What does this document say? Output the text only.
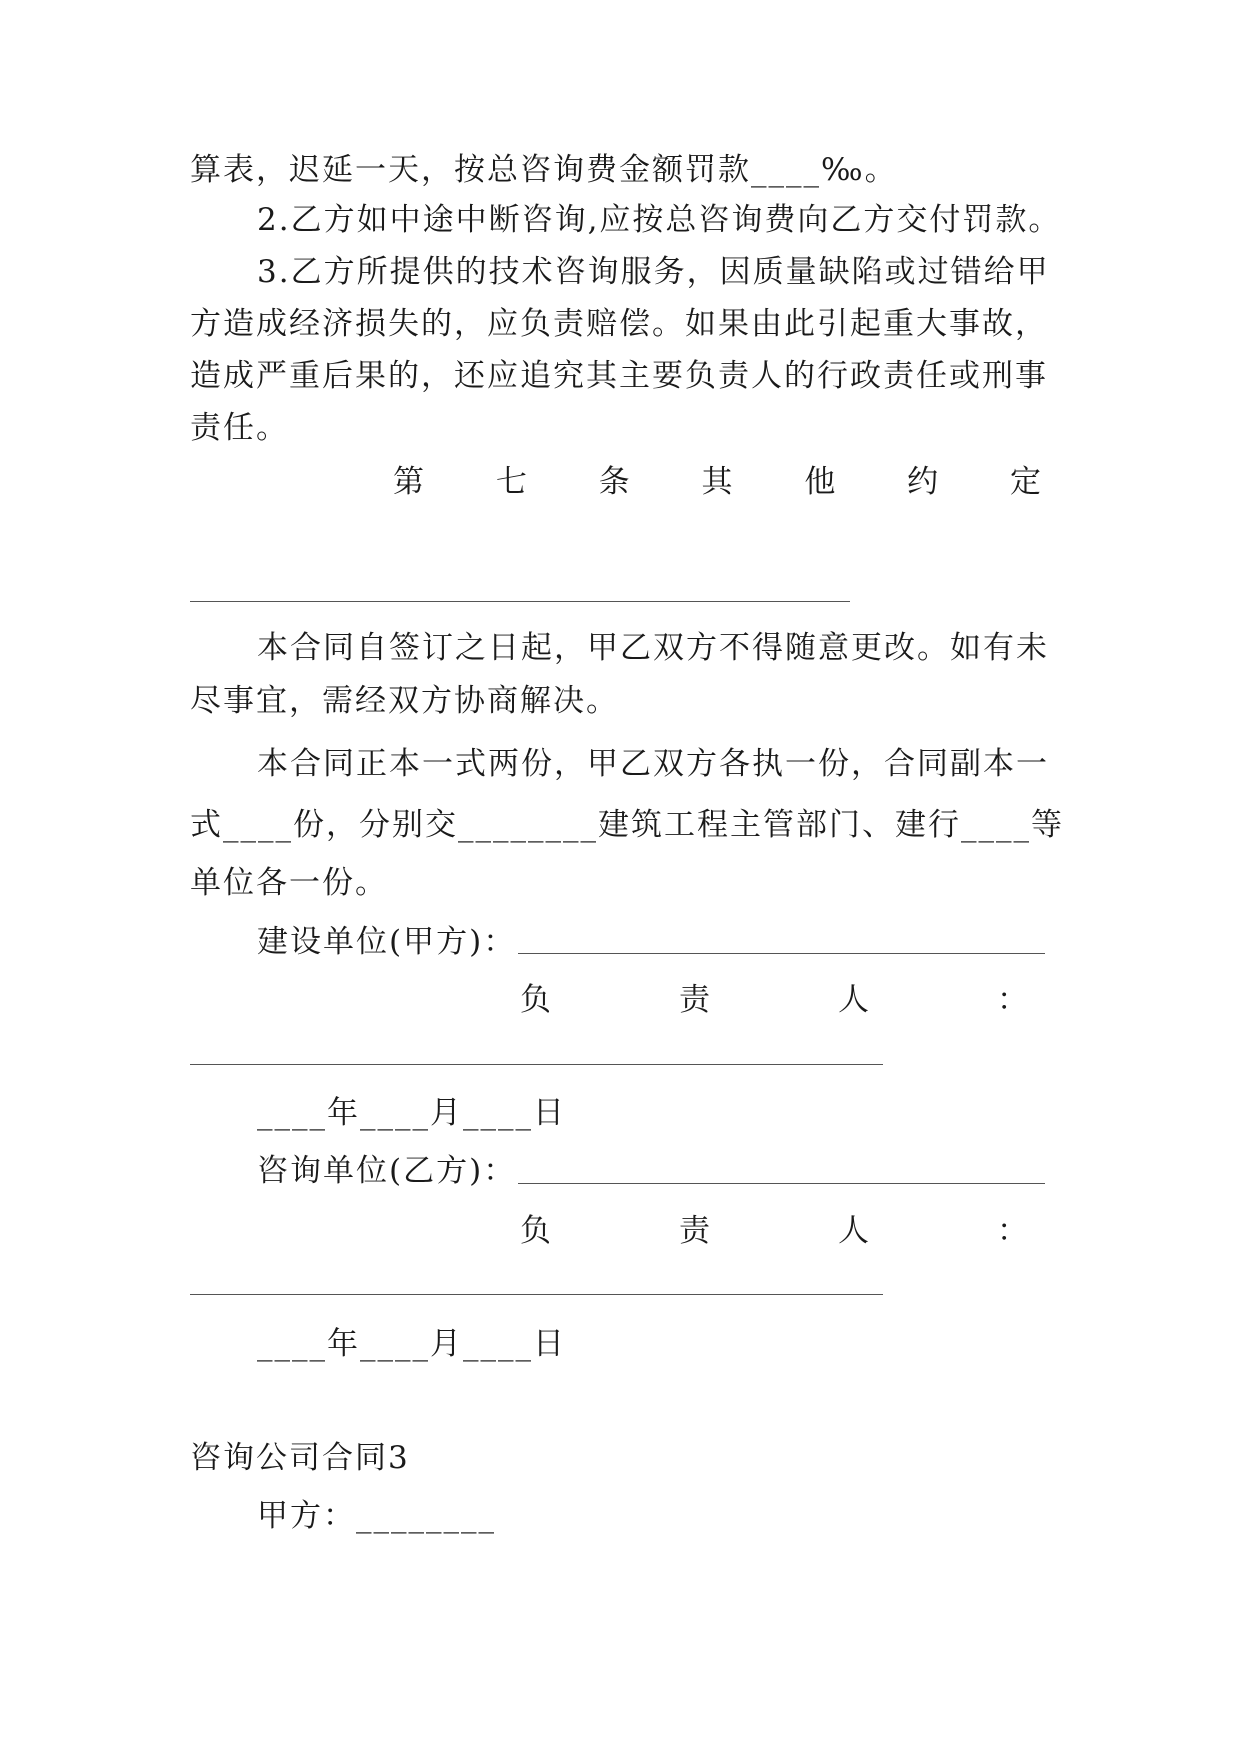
算表，迟延一天，按总咨询费金额罚款____‰。
2.乙方如中途中断咨询,应按总咨询费向乙方交付罚款。
3.乙方所提供的技术咨询服务，因质量缺陷或过错给甲
方造成经济损失的，应负责赔偿。如果由此引起重大事故，
造成严重后果的，还应追究其主要负责人的行政责任或刑事
责任。
第 七 条 其 他 约 定
本合同自签订之日起，甲乙双方不得随意更改。如有未
尽事宜，需经双方协商解决。
本合同正本一式两份，甲乙双方各执一份，合同副本一
式____份，分别交________建筑工程主管部门、建行____等
单位各一份。
建设单位(甲方)：
负	责	人	：
____年____月____日
咨询单位(乙方)：
负	责	人	：
____年____月____日
咨询公司合同3
甲方：________
